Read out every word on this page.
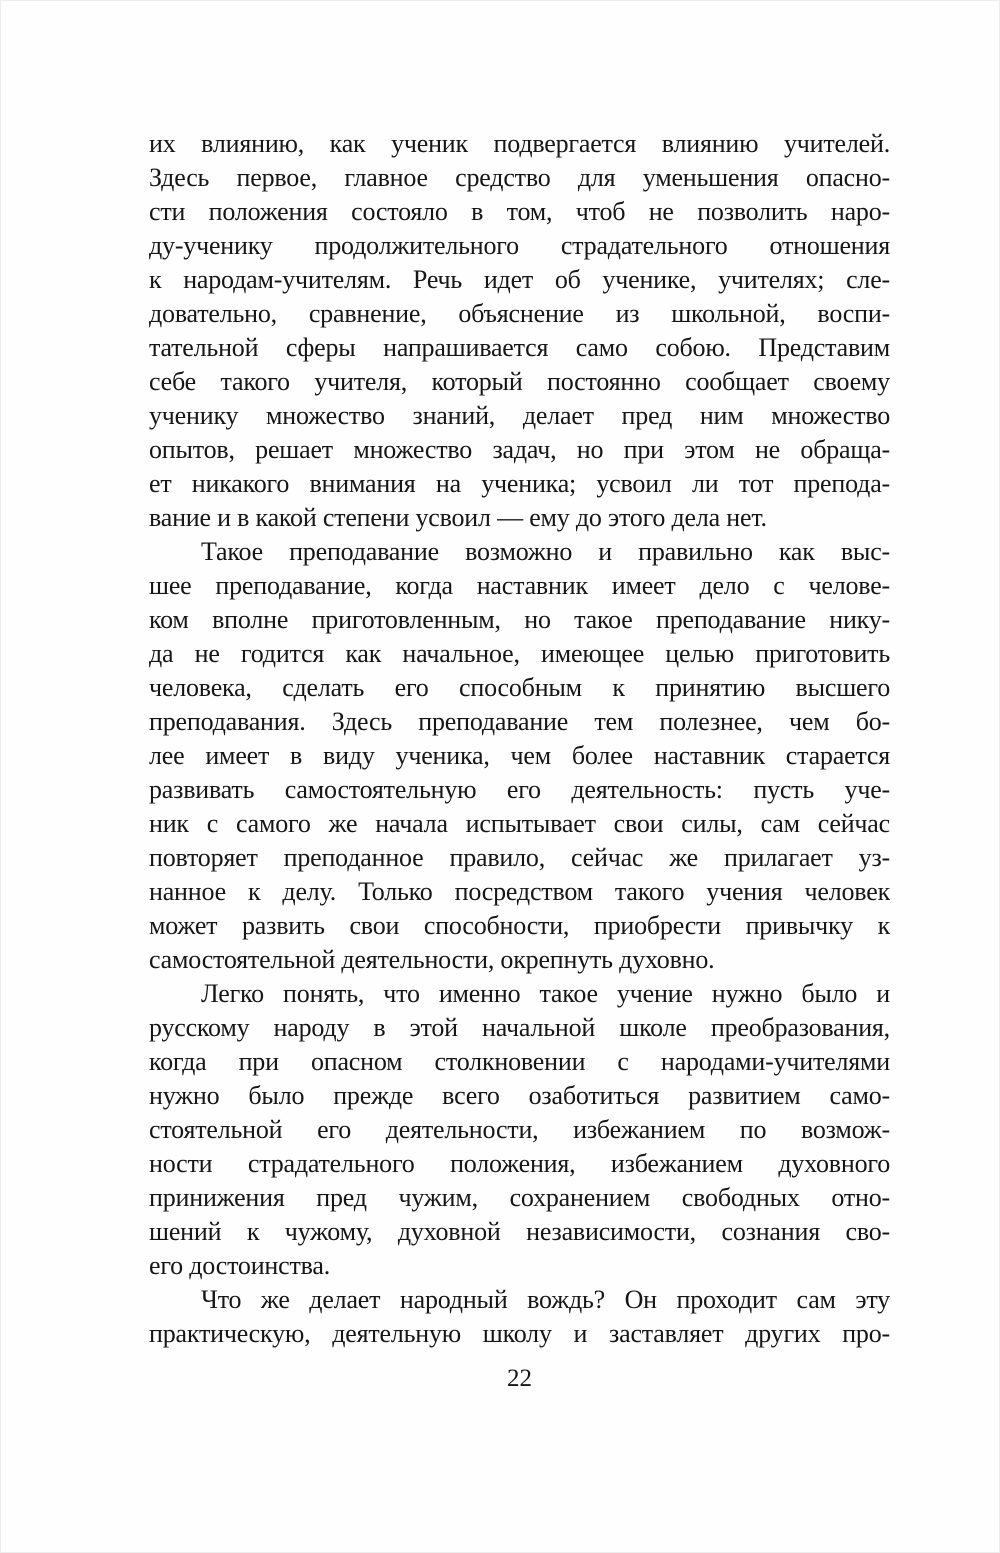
их влиянию, как ученик подвергается влиянию учителей.
Здесь первое, главное средство для уменьшения опасно-
сти положения состояло в том, чтоб не позволить наро-
ду-ученику продолжительного страдательного отношения
к народам-учителям. Речь идет об ученике, учителях; сле-
довательно, сравнение, объяснение из школьной, воспи-
тательной сферы напрашивается само собою. Представим
себе такого учителя, который постоянно сообщает своему
ученику множество знаний, делает пред ним множество
опытов, решает множество задач, но при этом не обраща-
ет никакого внимания на ученика; усвоил ли тот препода-
вание и в какой степени усвоил — ему до этого дела нет.
Такое преподавание возможно и правильно как выс-
шее преподавание, когда наставник имеет дело с челове-
ком вполне приготовленным, но такое преподавание нику-
да не годится как начальное, имеющее целью приготовить
человека, сделать его способным к принятию высшего
преподавания. Здесь преподавание тем полезнее, чем бо-
лее имеет в виду ученика, чем более наставник старается
развивать самостоятельную его деятельность: пусть уче-
ник с самого же начала испытывает свои силы, сам сейчас
повторяет преподанное правило, сейчас же прилагает уз-
нанное к делу. Только посредством такого учения человек
может развить свои способности, приобрести привычку к
самостоятельной деятельности, окрепнуть духовно.
Легко понять, что именно такое учение нужно было и
русскому народу в этой начальной школе преобразования,
когда при опасном столкновении с народами-учителями
нужно было прежде всего озаботиться развитием само-
стоятельной его деятельности, избежанием по возмож-
ности страдательного положения, избежанием духовного
принижения пред чужим, сохранением свободных отно-
шений к чужому, духовной независимости, сознания сво-
его достоинства.
Что же делает народный вождь? Он проходит сам эту
практическую, деятельную школу и заставляет других про-
22
